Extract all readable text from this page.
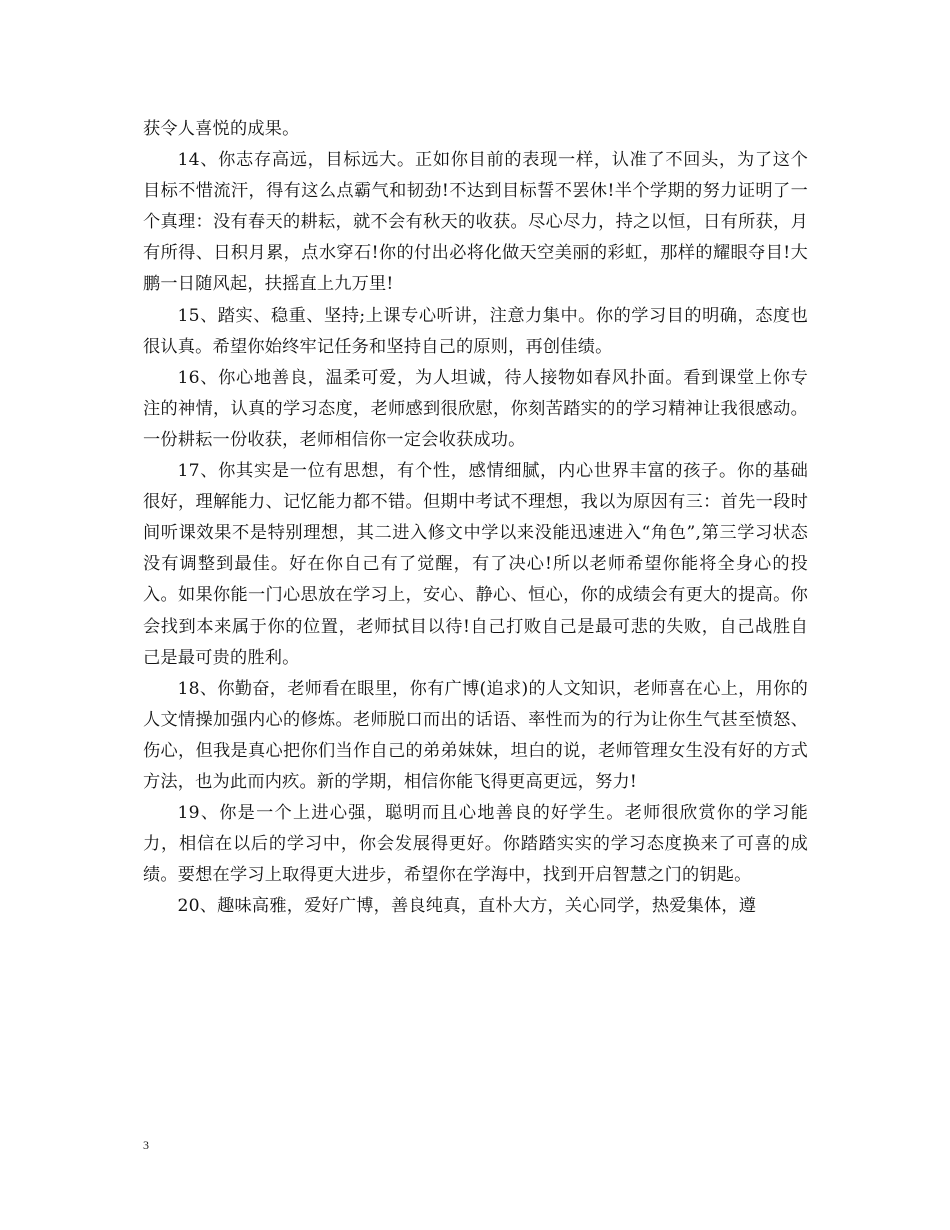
获令人喜悦的成果。

14、你志存高远，目标远大。正如你目前的表现一样，认准了不回头，为了这个目标不惜流汗，得有这么点霸气和韧劲!不达到目标誓不罢休!半个学期的努力证明了一个真理：没有春天的耕耘，就不会有秋天的收获。尽心尽力，持之以恒，日有所获，月有所得、日积月累，点水穿石!你的付出必将化做天空美丽的彩虹，那样的耀眼夺目!大鹏一日随风起，扶摇直上九万里!

15、踏实、稳重、坚持;上课专心听讲，注意力集中。你的学习目的明确，态度也很认真。希望你始终牢记任务和坚持自己的原则，再创佳绩。

16、你心地善良，温柔可爱，为人坦诚，待人接物如春风扑面。看到课堂上你专注的神情，认真的学习态度，老师感到很欣慰，你刻苦踏实的的学习精神让我很感动。一份耕耘一份收获，老师相信你一定会收获成功。

17、你其实是一位有思想，有个性，感情细腻，内心世界丰富的孩子。你的基础很好，理解能力、记忆能力都不错。但期中考试不理想，我以为原因有三：首先一段时间听课效果不是特别理想，其二进入修文中学以来没能迅速进入“角色”,第三学习状态没有调整到最佳。好在你自己有了觉醒，有了决心!所以老师希望你能将全身心的投入。如果你能一门心思放在学习上，安心、静心、恒心，你的成绩会有更大的提高。你会找到本来属于你的位置，老师拭目以待!自己打败自己是最可悲的失败，自己战胜自己是最可贵的胜利。

18、你勤奋，老师看在眼里，你有广博(追求)的人文知识，老师喜在心上，用你的人文情操加强内心的修炼。老师脱口而出的话语、率性而为的行为让你生气甚至愤怒、伤心，但我是真心把你们当作自己的弟弟妹妹，坦白的说，老师管理女生没有好的方式方法，也为此而内疚。新的学期，相信你能飞得更高更远，努力!

19、你是一个上进心强，聪明而且心地善良的好学生。老师很欣赏你的学习能力，相信在以后的学习中，你会发展得更好。你踏踏实实的学习态度换来了可喜的成绩。要想在学习上取得更大进步，希望你在学海中，找到开启智慧之门的钥匙。

20、趣味高雅，爱好广博，善良纯真，直朴大方，关心同学，热爱集体，遵

3
